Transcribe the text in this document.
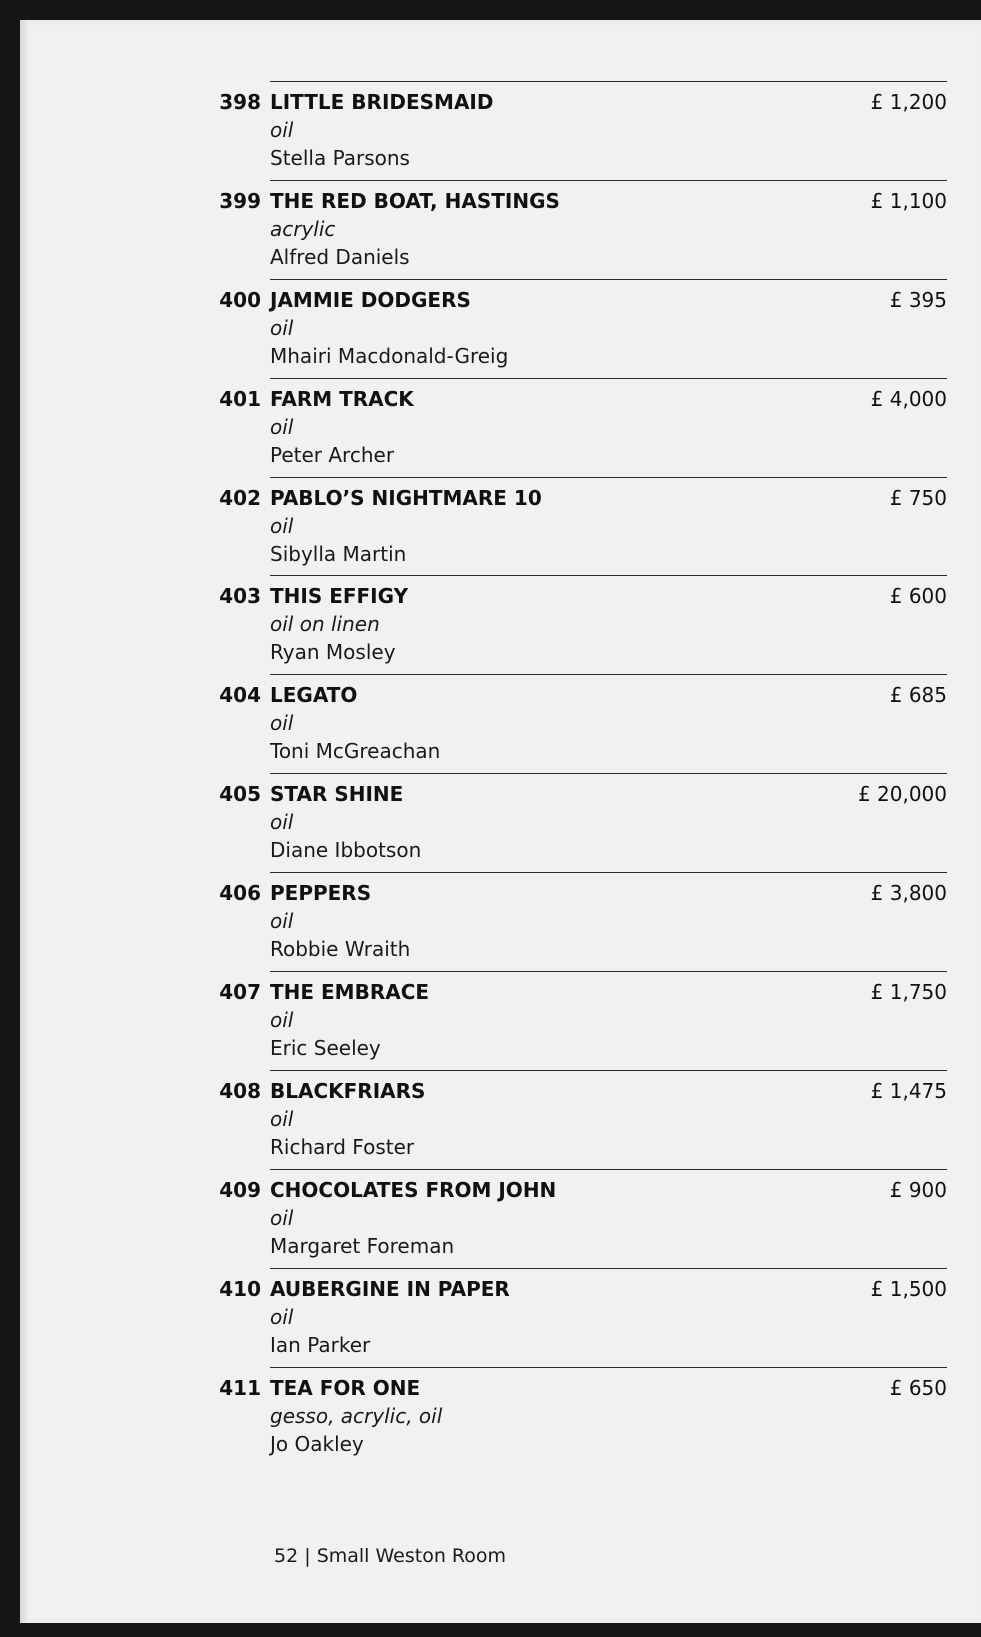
398 LITTLE BRIDESMAID
oil
Stella Parsons
£ 1,200
399 THE RED BOAT, HASTINGS
acrylic
Alfred Daniels
£ 1,100
400 JAMMIE DODGERS
oil
Mhairi Macdonald-Greig
£ 395
401 FARM TRACK
oil
Peter Archer
£ 4,000
402 PABLO’S NIGHTMARE 10
oil
Sibylla Martin
£ 750
403 THIS EFFIGY
oil on linen
Ryan Mosley
£ 600
404 LEGATO
oil
Toni McGreachan
£ 685
405 STAR SHINE
oil
Diane Ibbotson
£ 20,000
406 PEPPERS
oil
Robbie Wraith
£ 3,800
407 THE EMBRACE
oil
Eric Seeley
£ 1,750
408 BLACKFRIARS
oil
Richard Foster
£ 1,475
409 CHOCOLATES FROM JOHN
oil
Margaret Foreman
£ 900
410 AUBERGINE IN PAPER
oil
Ian Parker
£ 1,500
411 TEA FOR ONE
gesso, acrylic, oil
Jo Oakley
£ 650
52 | Small Weston Room
